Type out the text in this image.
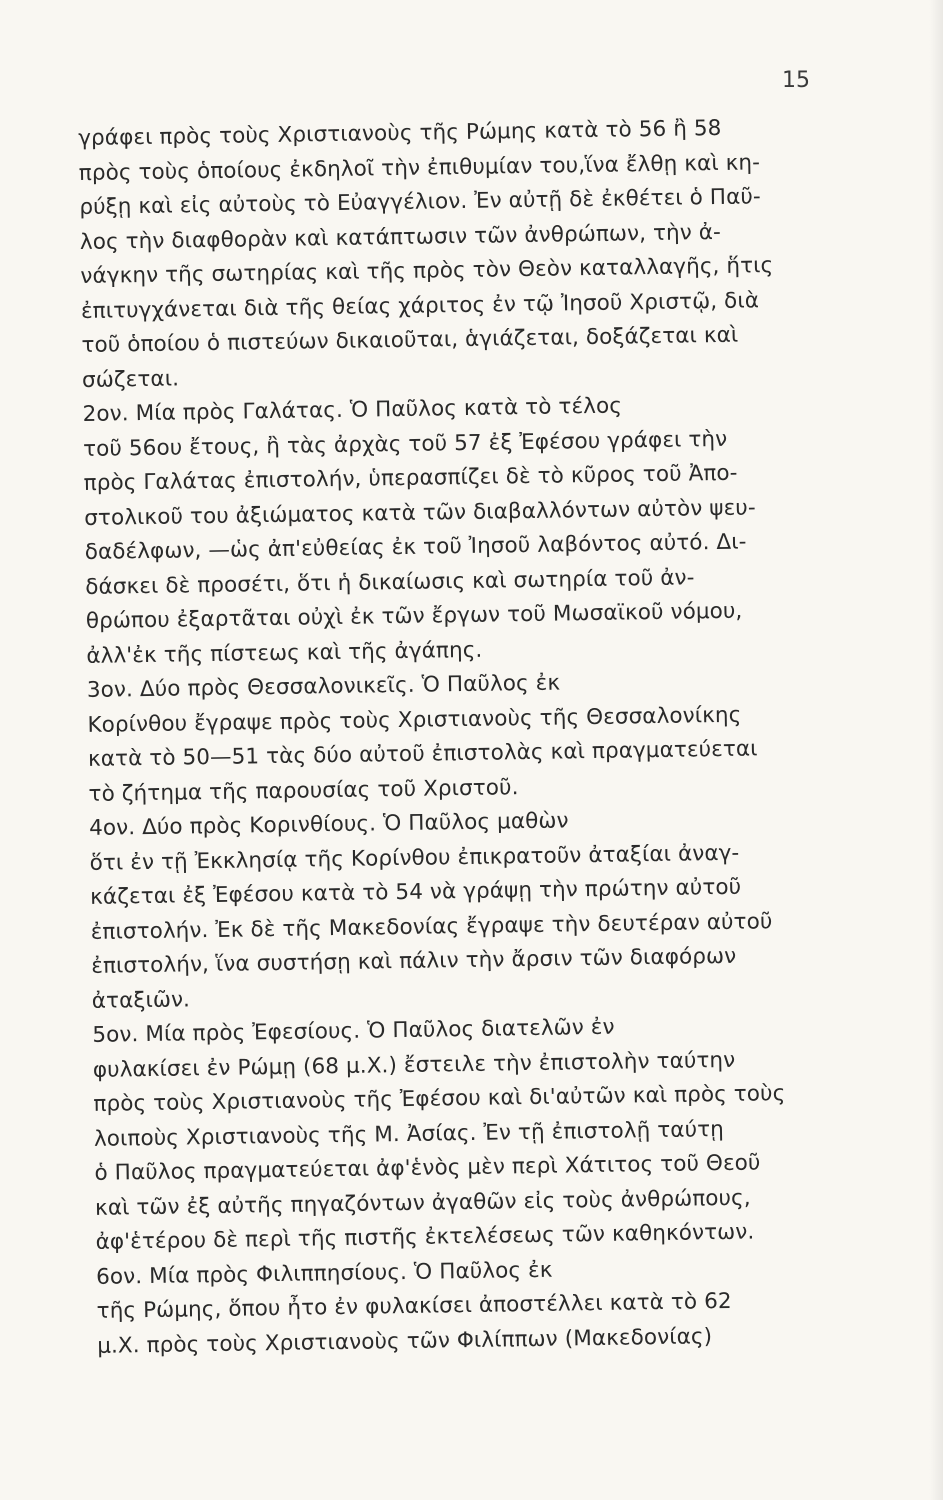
15
γράφει πρὸς τοὺς Χριστιανοὺς τῆς Ρώμης κατὰ τὸ 56 ἢ 58
πρὸς τοὺς ὁποίους ἐκδηλοῖ τὴν ἐπιθυμίαν του,ἵνα ἔλθῃ καὶ κη-
ρύξῃ καὶ εἰς αὐτοὺς τὸ Εὐαγγέλιον. Ἐν αὐτῇ δὲ ἐκθέτει ὁ Παῦ-
λος τὴν διαφθορὰν καὶ κατάπτωσιν τῶν ἀνθρώπων, τὴν ἀ-
νάγκην τῆς σωτηρίας καὶ τῆς πρὸς τὸν Θεὸν καταλλαγῆς, ἥτις
ἐπιτυγχάνεται διὰ τῆς θείας χάριτος ἐν τῷ Ἰησοῦ Χριστῷ, διὰ
τοῦ ὁποίου ὁ πιστεύων δικαιοῦται, ἁγιάζεται, δοξάζεται καὶ
σώζεται.
2ον. Μία πρὸς Γαλάτας. Ὁ Παῦλος κατὰ τὸ τέλος
τοῦ 56ου ἔτους, ἢ τὰς ἀρχὰς τοῦ 57 ἐξ Ἐφέσου γράφει τὴν
πρὸς Γαλάτας ἐπιστολήν, ὑπερασπίζει δὲ τὸ κῦρος τοῦ Ἀπο-
στολικοῦ του ἀξιώματος κατὰ τῶν διαβαλλόντων αὐτὸν ψευ-
δαδέλφων, —ὡς ἀπ'εὐθείας ἐκ τοῦ Ἰησοῦ λαβόντος αὐτό. Δι-
δάσκει δὲ προσέτι, ὅτι ἡ δικαίωσις καὶ σωτηρία τοῦ ἀν-
θρώπου ἐξαρτᾶται οὐχὶ ἐκ τῶν ἔργων τοῦ Μωσαϊκοῦ νόμου,
ἀλλ'ἐκ τῆς πίστεως καὶ τῆς ἀγάπης.
3ον. Δύο πρὸς Θεσσαλονικεῖς. Ὁ Παῦλος ἐκ
Κορίνθου ἔγραψε πρὸς τοὺς Χριστιανοὺς τῆς Θεσσαλονίκης
κατὰ τὸ 50—51 τὰς δύο αὐτοῦ ἐπιστολὰς καὶ πραγματεύεται
τὸ ζήτημα τῆς παρουσίας τοῦ Χριστοῦ.
4ον. Δύο πρὸς Κορινθίους. Ὁ Παῦλος μαθὼν
ὅτι ἐν τῇ Ἐκκλησίᾳ τῆς Κορίνθου ἐπικρατοῦν ἀταξίαι ἀναγ-
κάζεται ἐξ Ἐφέσου κατὰ τὸ 54 νὰ γράψῃ τὴν πρώτην αὐτοῦ
ἐπιστολήν. Ἐκ δὲ τῆς Μακεδονίας ἔγραψε τὴν δευτέραν αὐτοῦ
ἐπιστολήν, ἵνα συστήσῃ καὶ πάλιν τὴν ἄρσιν τῶν διαφόρων
ἀταξιῶν.
5ον. Μία πρὸς Ἐφεσίους. Ὁ Παῦλος διατελῶν ἐν
φυλακίσει ἐν Ρώμῃ (68 μ.Χ.) ἔστειλε τὴν ἐπιστολὴν ταύτην
πρὸς τοὺς Χριστιανοὺς τῆς Ἐφέσου καὶ δι'αὐτῶν καὶ πρὸς τοὺς
λοιποὺς Χριστιανοὺς τῆς Μ. Ἀσίας. Ἐν τῇ ἐπιστολῇ ταύτῃ
ὁ Παῦλος πραγματεύεται ἀφ'ἑνὸς μὲν περὶ Χάτιτος τοῦ Θεοῦ
καὶ τῶν ἐξ αὐτῆς πηγαζόντων ἀγαθῶν εἰς τοὺς ἀνθρώπους,
ἀφ'ἑτέρου δὲ περὶ τῆς πιστῆς ἐκτελέσεως τῶν καθηκόντων.
6ον. Μία πρὸς Φιλιππησίους. Ὁ Παῦλος ἐκ
τῆς Ρώμης, ὅπου ἦτο ἐν φυλακίσει ἀποστέλλει κατὰ τὸ 62
μ.Χ. πρὸς τοὺς Χριστιανοὺς τῶν Φιλίππων (Μακεδονίας)
